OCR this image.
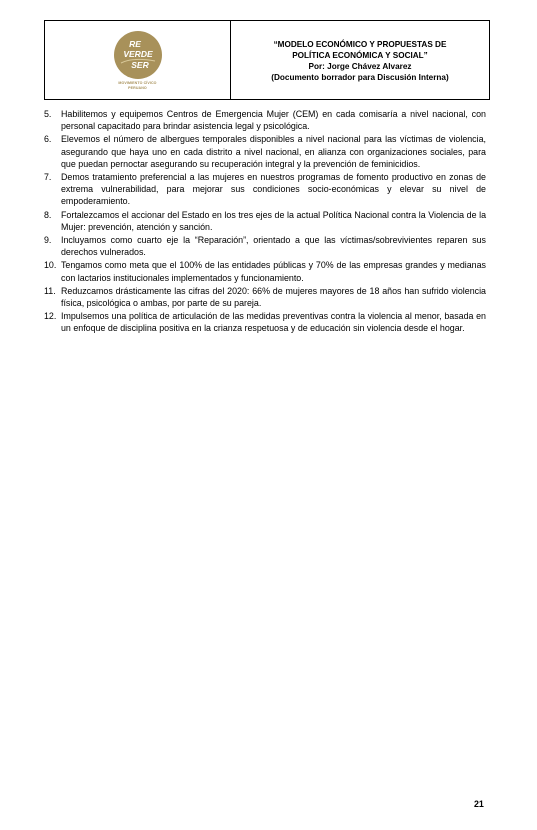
RE
VERDE
SER
MOVIMIENTO CÍVICO
PERUANO
“MODELO ECONÓMICO Y PROPUESTAS DE
POLÍTICA ECONÓMICA Y SOCIAL”
Por: Jorge Chávez Alvarez
(Documento borrador para Discusión Interna)
5.	Habilitemos y equipemos Centros de Emergencia Mujer (CEM) en cada comisaría a nivel nacional, con personal capacitado para brindar asistencia legal y psicológica.
6.	Elevemos el número de albergues temporales disponibles a nivel nacional para las víctimas de violencia, asegurando que haya uno en cada distrito a nivel nacional, en alianza con organizaciones sociales, para que puedan pernoctar asegurando su recuperación integral y la prevención de feminicidios.
7.	Demos tratamiento preferencial a las mujeres en nuestros programas de fomento productivo en zonas de extrema vulnerabilidad, para mejorar sus condiciones socio-económicas y elevar su nivel de empoderamiento.
8.	Fortalezcamos el accionar del Estado en los tres ejes de la actual Política Nacional contra la Violencia de la Mujer: prevención, atención y sanción.
9.	Incluyamos como cuarto eje la “Reparación”, orientado a que las víctimas/sobrevivientes reparen sus derechos vulnerados.
10. Tengamos como meta que el 100% de las entidades públicas y 70% de las empresas grandes y medianas con lactarios institucionales implementados y funcionamiento.
11. Reduzcamos drásticamente las cifras del 2020: 66% de mujeres mayores de 18 años han sufrido violencia física, psicológica o ambas, por parte de su pareja.
12. Impulsemos una política de articulación de las medidas preventivas contra la violencia al menor, basada en un enfoque de disciplina positiva en la crianza respetuosa y de educación sin violencia desde el hogar.
21
